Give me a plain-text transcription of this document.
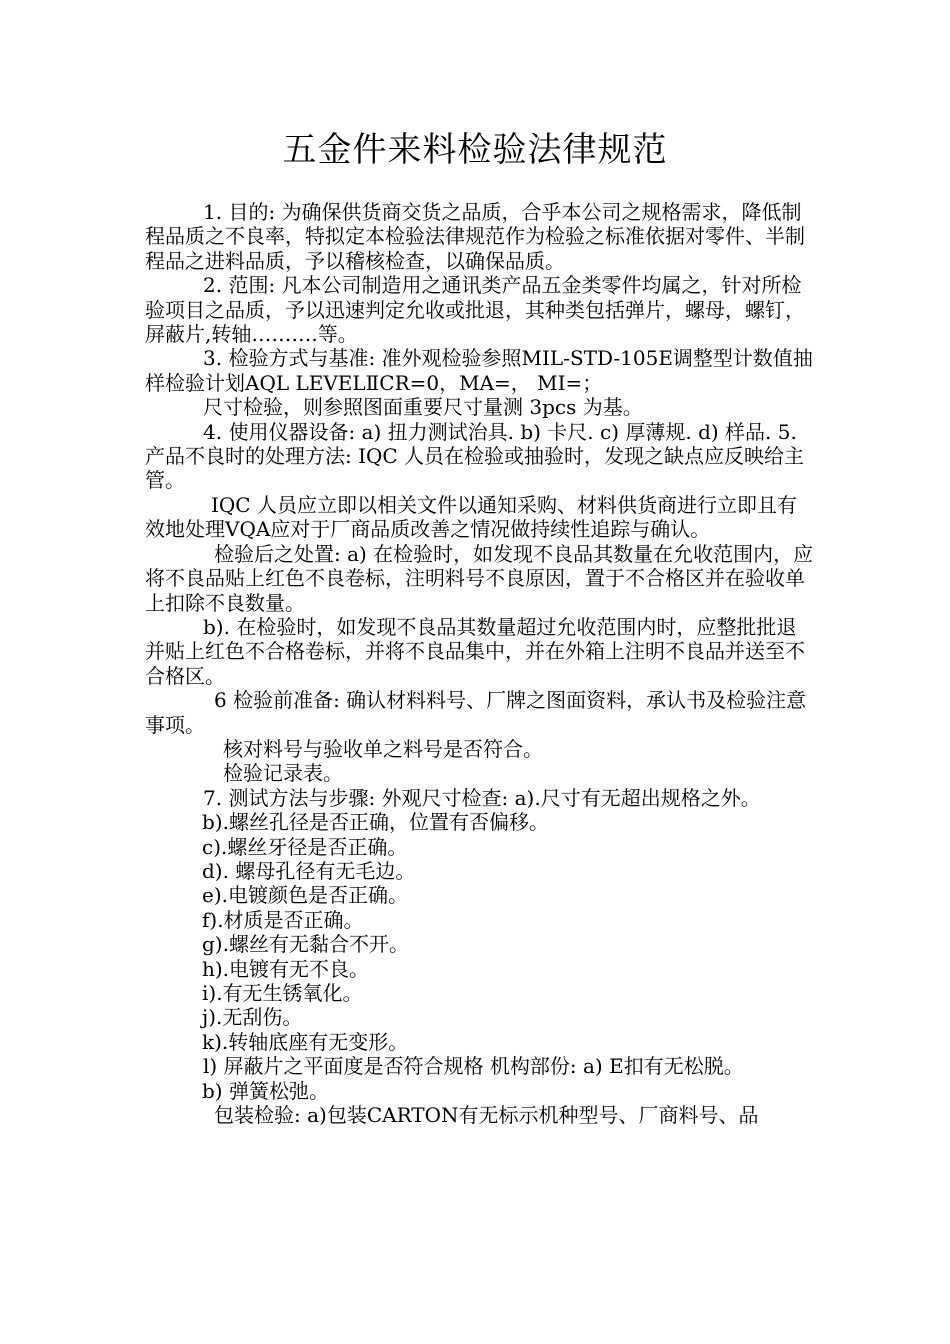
五金件来料检验法律规范

1. 目的: 为确保供货商交货之品质，合乎本公司之规格需求，降低制程品质之不良率，特拟定本检验法律规范作为检验之标准依据对零件、半制程品之进料品质，予以稽核检查，以确保品质。

2. 范围: 凡本公司制造用之通讯类产品五金类零件均属之，针对所检验项目之品质，予以迅速判定允收或批退，其种类包括弹片，螺母，螺钉，屏蔽片,转轴……….等。

3. 检验方式与基准: 准外观检验参照MIL-STD-105E调整型计数值抽样检验计划AQL LEVELⅡCR=0，MA=， MI=；

尺寸检验，则参照图面重要尺寸量测 3pcs 为基。

4. 使用仪器设备: a) 扭力测试治具. b) 卡尺. c) 厚薄规. d) 样品. 5. 产品不良时的处理方法: IQC 人员在检验或抽验时，发现之缺点应反映给主管。

IQC 人员应立即以相关文件以通知采购、材料供货商进行立即且有效地处理VQA应对于厂商品质改善之情况做持续性追踪与确认。

检验后之处置: a) 在检验时，如发现不良品其数量在允收范围内，应将不良品贴上红色不良卷标，注明料号不良原因，置于不合格区并在验收单上扣除不良数量。

b). 在检验时，如发现不良品其数量超过允收范围内时，应整批批退并贴上红色不合格卷标，并将不良品集中，并在外箱上注明不良品并送至不合格区。

6 检验前准备: 确认材料料号、厂牌之图面资料，承认书及检验注意事项。

核对料号与验收单之料号是否符合。

检验记录表。

7. 测试方法与步骤: 外观尺寸检查: a).尺寸有无超出规格之外。

b).螺丝孔径是否正确，位置有否偏移。

c).螺丝牙径是否正确。

d). 螺母孔径有无毛边。

e).电镀颜色是否正确。

f).材质是否正确。

g).螺丝有无黏合不开。

h).电镀有无不良。

i).有无生锈氧化。

j).无刮伤。

k).转轴底座有无变形。

l) 屏蔽片之平面度是否符合规格 机构部份: a) E扣有无松脱。

b) 弹簧松弛。

包装检验: a)包装CARTON有无标示机种型号、厂商料号、品
